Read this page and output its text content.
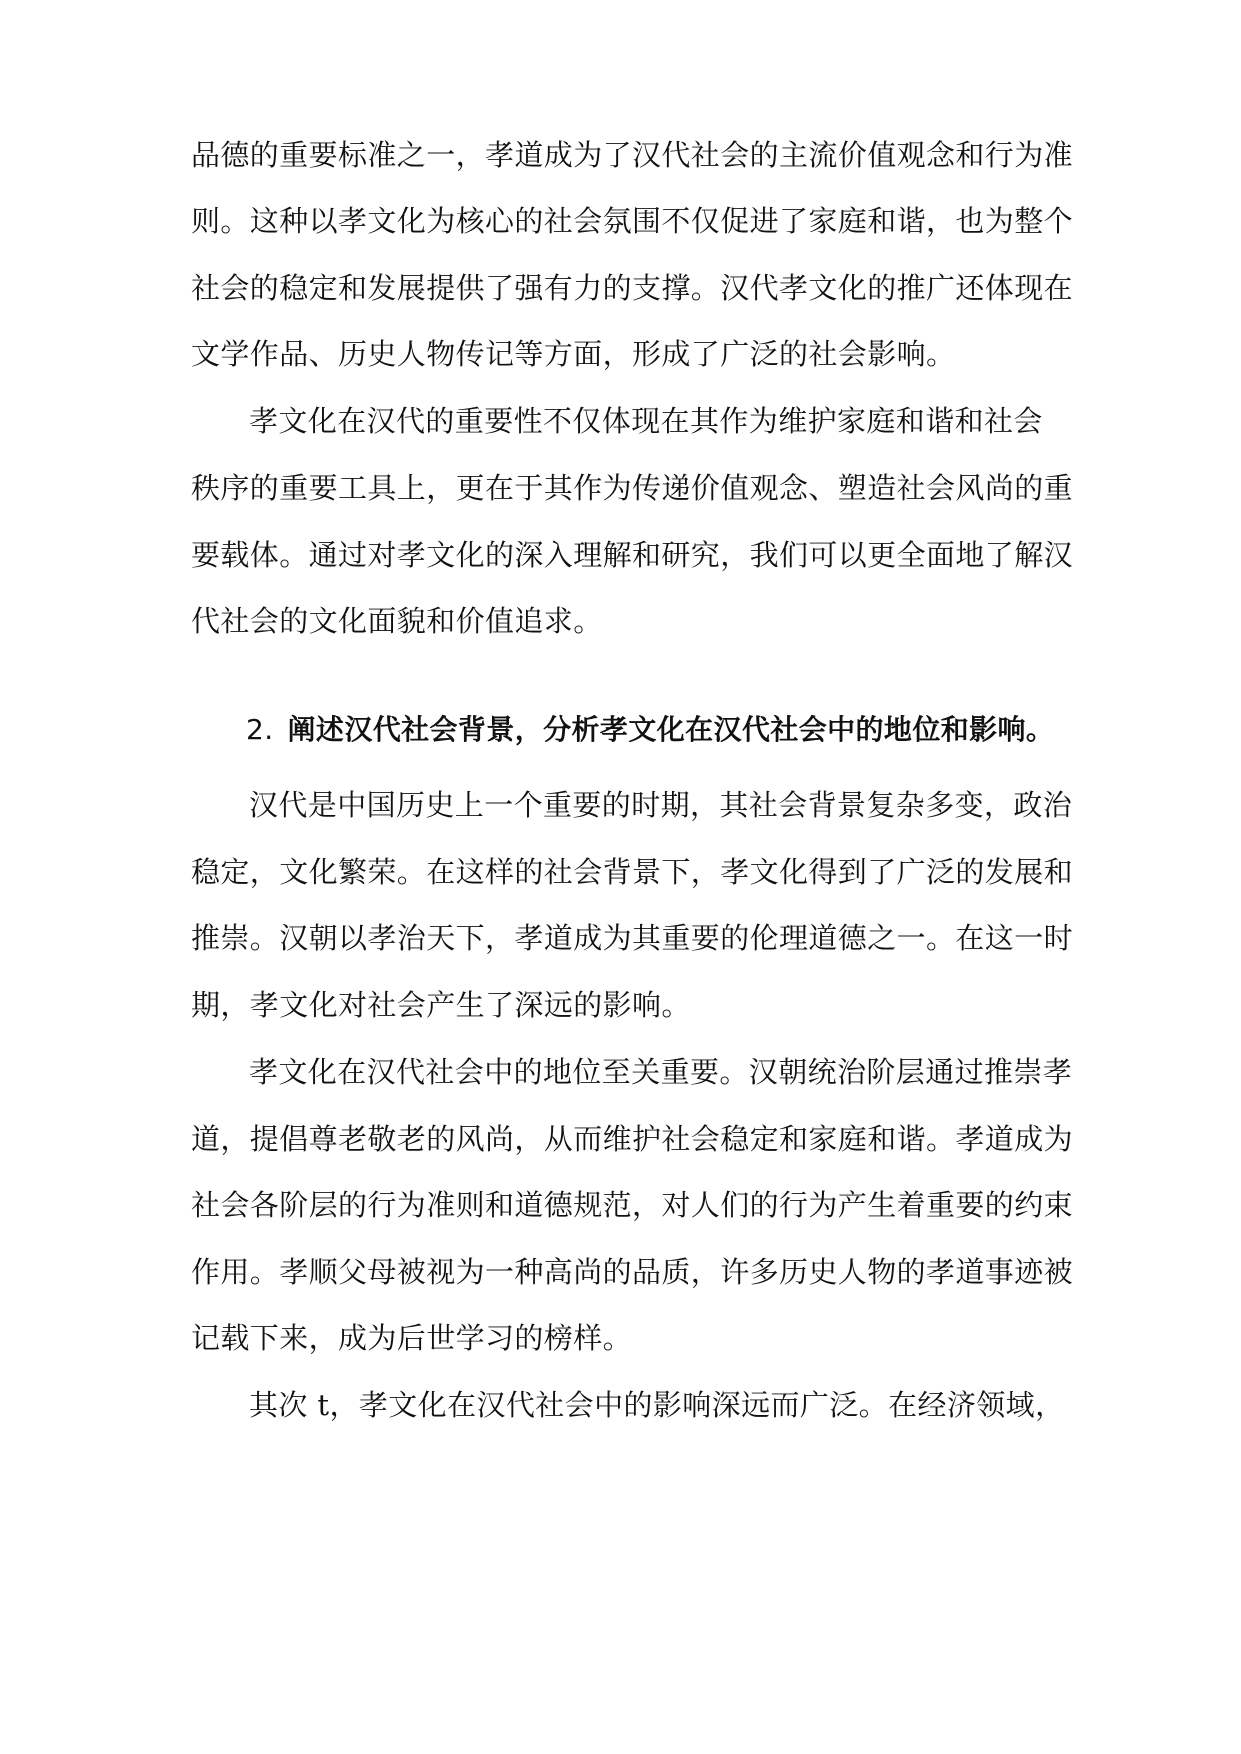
品德的重要标准之一，孝道成为了汉代社会的主流价值观念和行为准
则。这种以孝文化为核心的社会氛围不仅促进了家庭和谐，也为整个
社会的稳定和发展提供了强有力的支撑。汉代孝文化的推广还体现在
文学作品、历史人物传记等方面，形成了广泛的社会影响。
孝文化在汉代的重要性不仅体现在其作为维护家庭和谐和社会
秩序的重要工具上，更在于其作为传递价值观念、塑造社会风尚的重
要载体。通过对孝文化的深入理解和研究，我们可以更全面地了解汉
代社会的文化面貌和价值追求。
2. 阐述汉代社会背景，分析孝文化在汉代社会中的地位和影响。
汉代是中国历史上一个重要的时期，其社会背景复杂多变，政治
稳定，文化繁荣。在这样的社会背景下，孝文化得到了广泛的发展和
推崇。汉朝以孝治天下，孝道成为其重要的伦理道德之一。在这一时
期，孝文化对社会产生了深远的影响。
孝文化在汉代社会中的地位至关重要。汉朝统治阶层通过推崇孝
道，提倡尊老敬老的风尚，从而维护社会稳定和家庭和谐。孝道成为
社会各阶层的行为准则和道德规范，对人们的行为产生着重要的约束
作用。孝顺父母被视为一种高尚的品质，许多历史人物的孝道事迹被
记载下来，成为后世学习的榜样。
其次 t，孝文化在汉代社会中的影响深远而广泛。在经济领域，
